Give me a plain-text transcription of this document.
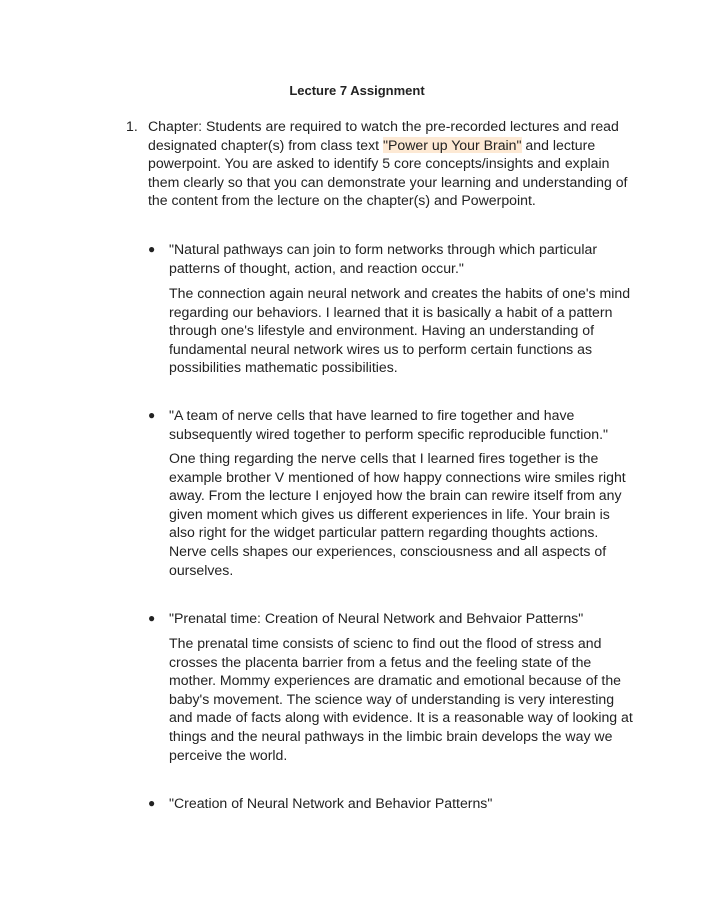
Lecture 7 Assignment
1. Chapter: Students are required to watch the pre-recorded lectures and read designated chapter(s) from class text "Power up Your Brain" and lecture powerpoint. You are asked to identify 5 core concepts/insights and explain them clearly so that you can demonstrate your learning and understanding of the content from the lecture on the chapter(s) and Powerpoint.
● "Natural pathways can join to form networks through which particular patterns of thought, action, and reaction occur."
The connection again neural network and creates the habits of one's mind regarding our behaviors. I learned that it is basically a habit of a pattern through one's lifestyle and environment. Having an understanding of fundamental neural network wires us to perform certain functions as possibilities mathematic possibilities.
● "A team of nerve cells that have learned to fire together and have subsequently wired together to perform specific reproducible function."
One thing regarding the nerve cells that I learned fires together is the example brother V mentioned of how happy connections wire smiles right away. From the lecture I enjoyed how the brain can rewire itself from any given moment which gives us different experiences in life. Your brain is also right for the widget particular pattern regarding thoughts actions. Nerve cells shapes our experiences, consciousness and all aspects of ourselves.
● "Prenatal time: Creation of Neural Network and Behvaior Patterns"
The prenatal time consists of scienc to find out the flood of stress and crosses the placenta barrier from a fetus and the feeling state of the mother. Mommy experiences are dramatic and emotional because of the baby's movement. The science way of understanding is very interesting and made of facts along with evidence. It is a reasonable way of looking at things and the neural pathways in the limbic brain develops the way we perceive the world.
● "Creation of Neural Network and Behavior Patterns"
